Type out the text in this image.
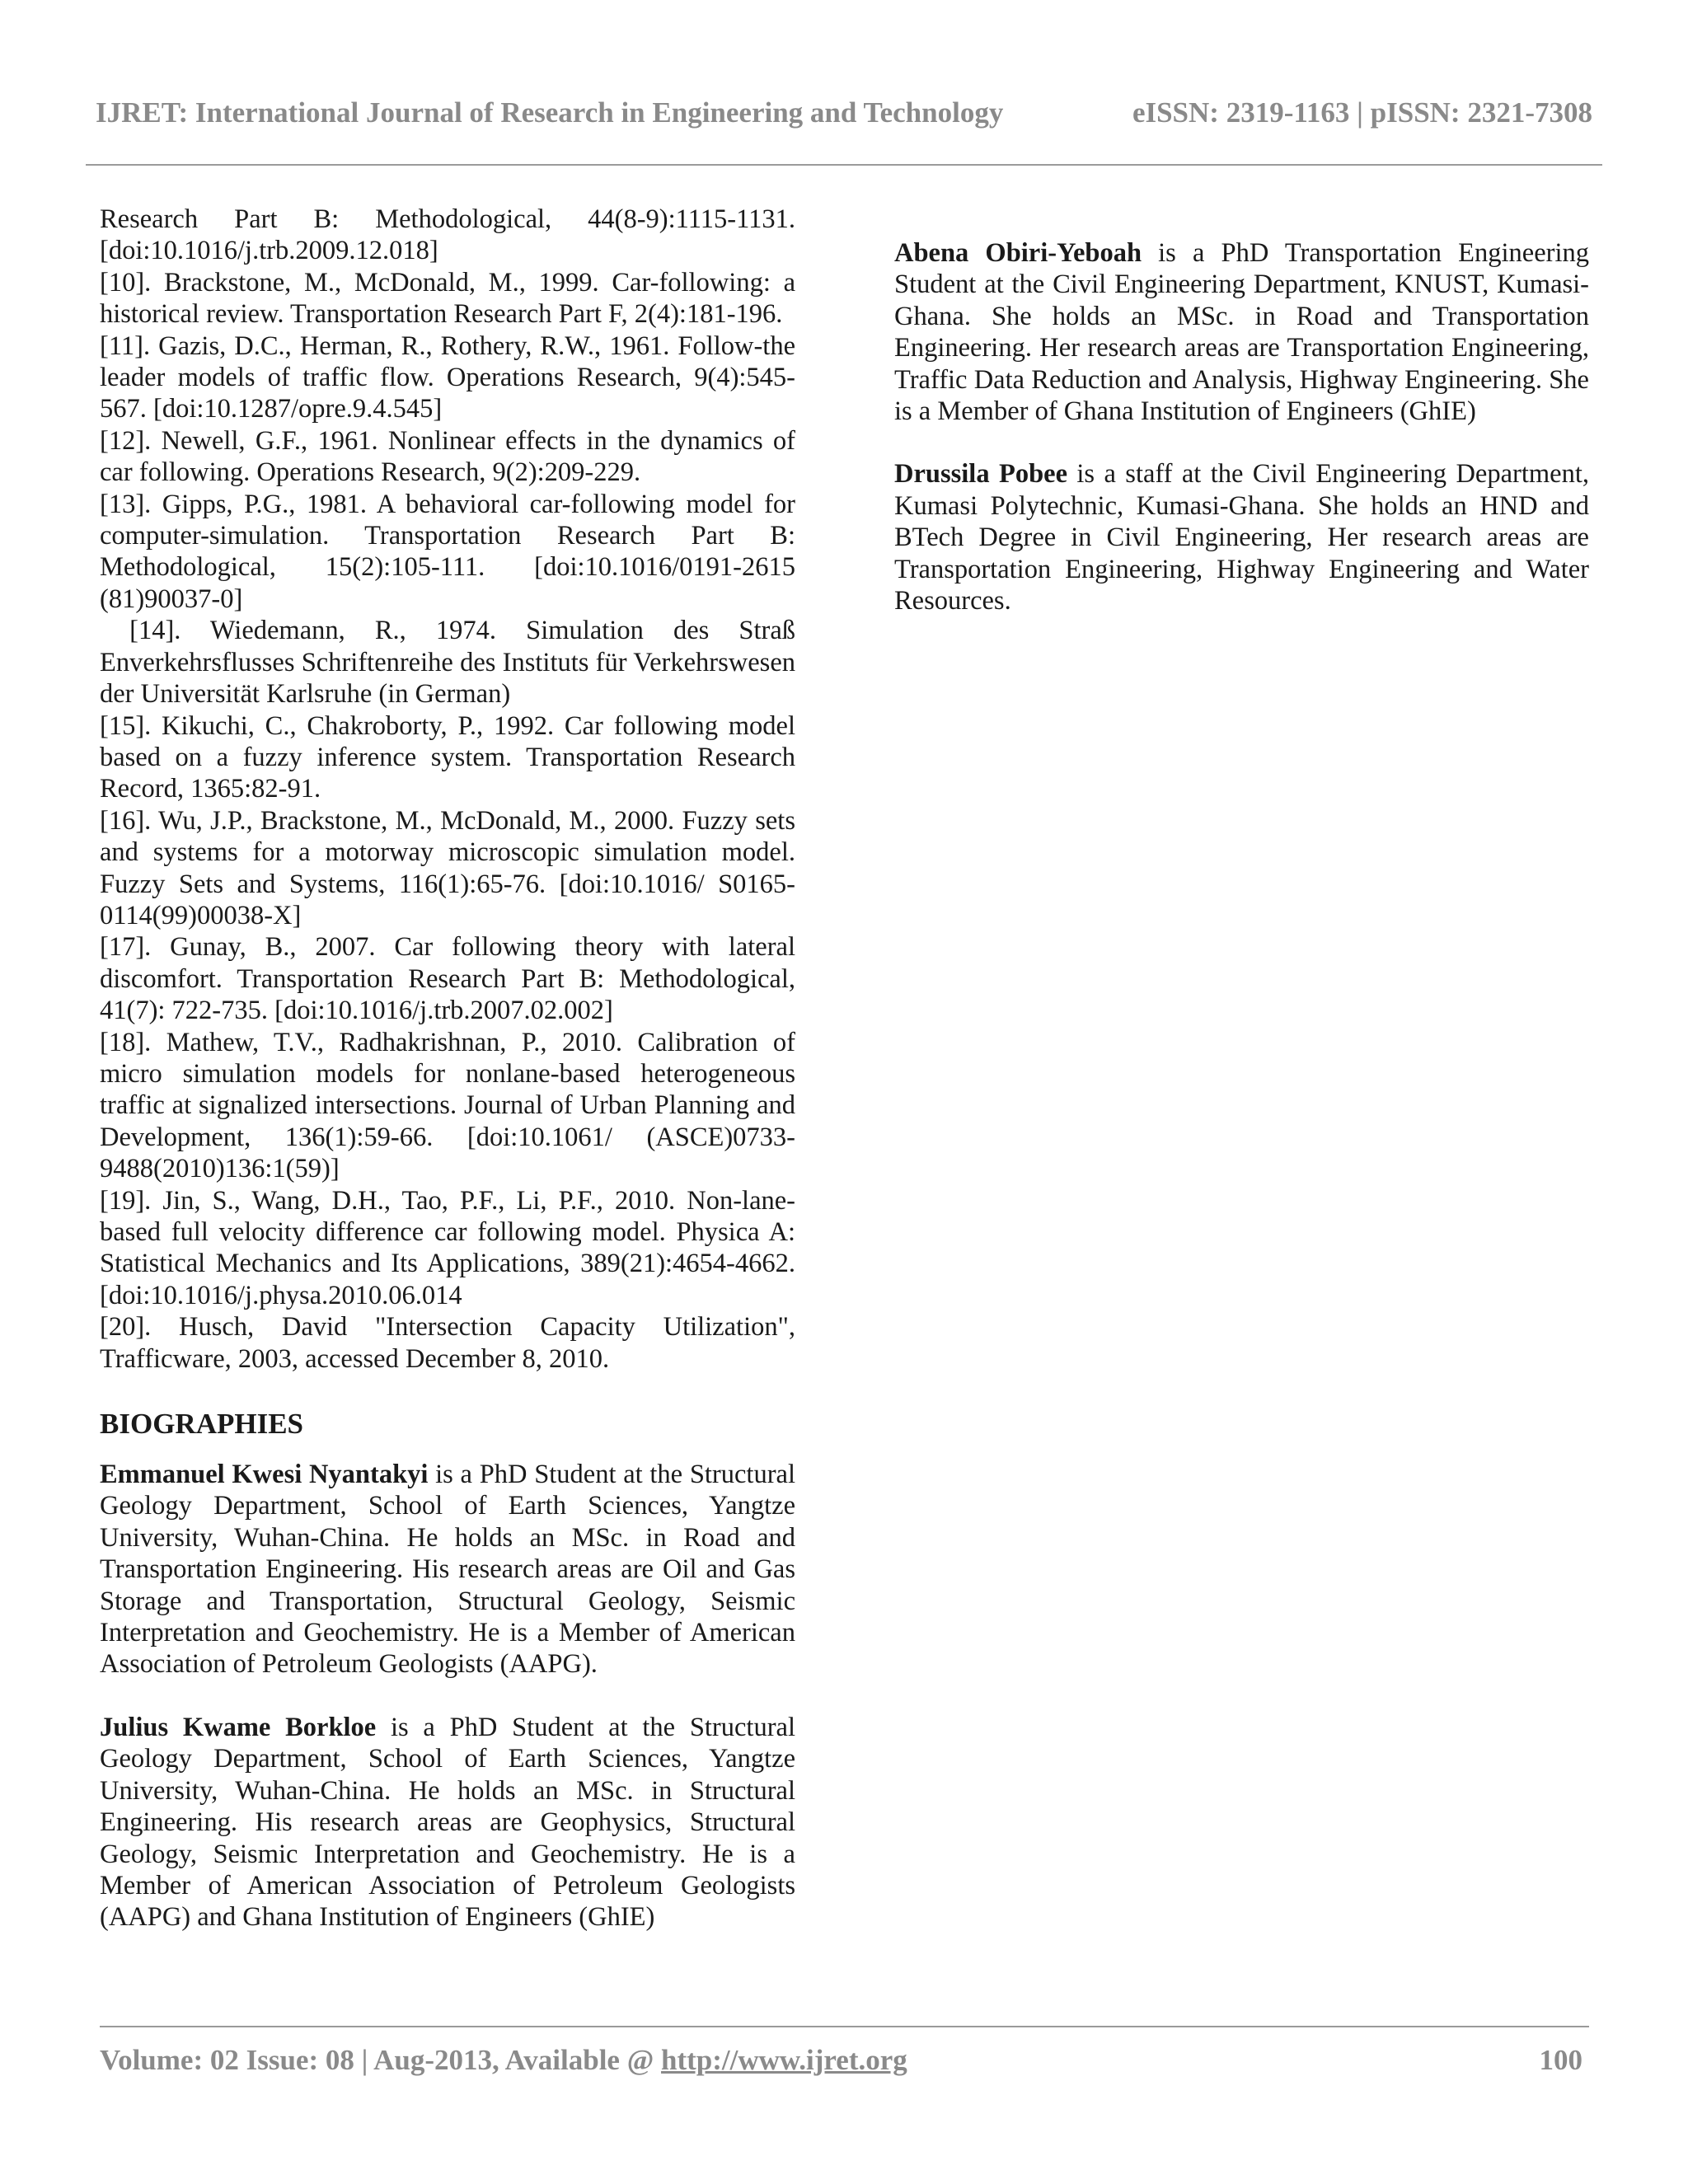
IJRET: International Journal of Research in Engineering and Technology	eISSN: 2319-1163 | pISSN: 2321-7308

Research Part B: Methodological, 44(8-9):1115-1131. [doi:10.1016/j.trb.2009.12.018]

[10]. Brackstone, M., McDonald, M., 1999. Car-following: a historical review. Transportation Research Part F, 2(4):181-196.

[11]. Gazis, D.C., Herman, R., Rothery, R.W., 1961. Follow-the leader models of traffic flow. Operations Research, 9(4):545-567. [doi:10.1287/opre.9.4.545]

[12]. Newell, G.F., 1961. Nonlinear effects in the dynamics of car following. Operations Research, 9(2):209-229.

[13]. Gipps, P.G., 1981. A behavioral car-following model for computer-simulation. Transportation Research Part B: Methodological, 15(2):105-111. [doi:10.1016/0191-2615 (81)90037-0]

[14]. Wiedemann, R., 1974. Simulation des Straß Enverkehrsflusses Schriftenreihe des Instituts für Verkehrswesen der Universität Karlsruhe (in German)

[15]. Kikuchi, C., Chakroborty, P., 1992. Car following model based on a fuzzy inference system. Transportation Research Record, 1365:82-91.

[16]. Wu, J.P., Brackstone, M., McDonald, M., 2000. Fuzzy sets and systems for a motorway microscopic simulation model. Fuzzy Sets and Systems, 116(1):65-76. [doi:10.1016/ S0165-0114(99)00038-X]

[17]. Gunay, B., 2007. Car following theory with lateral discomfort. Transportation Research Part B: Methodological, 41(7): 722-735. [doi:10.1016/j.trb.2007.02.002]

[18]. Mathew, T.V., Radhakrishnan, P., 2010. Calibration of micro simulation models for nonlane-based heterogeneous traffic at signalized intersections. Journal of Urban Planning and Development, 136(1):59-66. [doi:10.1061/ (ASCE)0733-9488(2010)136:1(59)]

[19]. Jin, S., Wang, D.H., Tao, P.F., Li, P.F., 2010. Non-lane-based full velocity difference car following model. Physica A: Statistical Mechanics and Its Applications, 389(21):4654-4662. [doi:10.1016/j.physa.2010.06.014

[20]. Husch, David "Intersection Capacity Utilization", Trafficware, 2003, accessed December 8, 2010.

BIOGRAPHIES

Emmanuel Kwesi Nyantakyi is a PhD Student at the Structural Geology Department, School of Earth Sciences, Yangtze University, Wuhan-China. He holds an MSc. in Road and Transportation Engineering. His research areas are Oil and Gas Storage and Transportation, Structural Geology, Seismic Interpretation and Geochemistry. He is a Member of American Association of Petroleum Geologists (AAPG).

Julius Kwame Borkloe is a PhD Student at the Structural Geology Department, School of Earth Sciences, Yangtze University, Wuhan-China. He holds an MSc. in Structural Engineering. His research areas are Geophysics, Structural Geology, Seismic Interpretation and Geochemistry. He is a Member of American Association of Petroleum Geologists (AAPG) and Ghana Institution of Engineers (GhIE)

Abena Obiri-Yeboah is a PhD Transportation Engineering Student at the Civil Engineering Department, KNUST, Kumasi-Ghana. She holds an MSc. in Road and Transportation Engineering. Her research areas are Transportation Engineering, Traffic Data Reduction and Analysis, Highway Engineering. She is a Member of Ghana Institution of Engineers (GhIE)

Drussila Pobee is a staff at the Civil Engineering Department, Kumasi Polytechnic, Kumasi-Ghana. She holds an HND and BTech Degree in Civil Engineering, Her research areas are Transportation Engineering, Highway Engineering and Water Resources.

Volume: 02 Issue: 08 | Aug-2013, Available @ http://www.ijret.org	100
